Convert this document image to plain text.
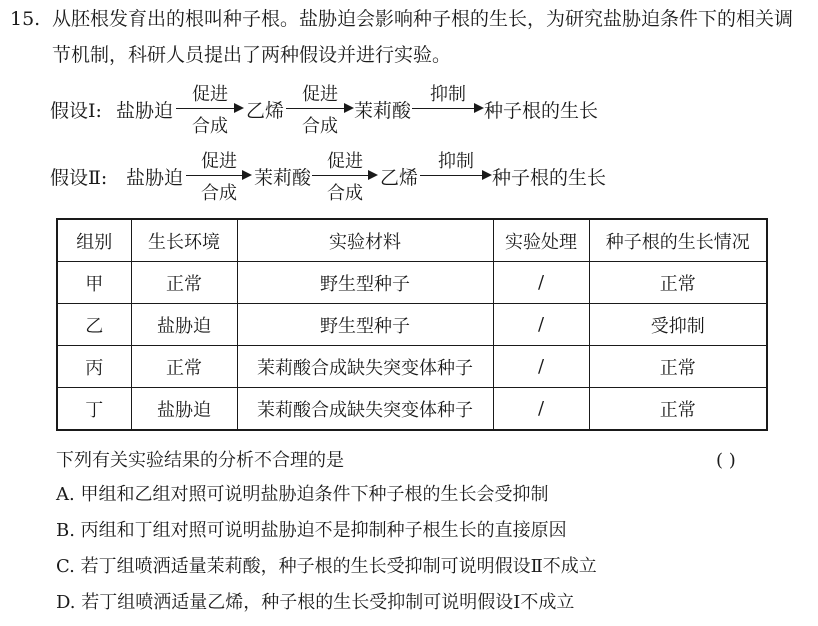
15. 从胚根发育出的根叫种子根。盐胁迫会影响种子根的生长，为研究盐胁迫条件下的相关调
节机制，科研人员提出了两种假设并进行实验。
假设Ⅰ: 盐胁迫
促进
合成
乙烯
促进
合成
茉莉酸
抑制
种子根的生长
假设Ⅱ: 盐胁迫
促进
合成
茉莉酸
促进
合成
乙烯
抑制
种子根的生长
组别	生长环境	实验材料	实验处理	种子根的生长情况
甲	正常	野生型种子	/	正常
乙	盐胁迫	野生型种子	/	受抑制
丙	正常	茉莉酸合成缺失突变体种子	/	正常
丁	盐胁迫	茉莉酸合成缺失突变体种子	/	正常
下列有关实验结果的分析不合理的是	( )
A. 甲组和乙组对照可说明盐胁迫条件下种子根的生长会受抑制
B. 丙组和丁组对照可说明盐胁迫不是抑制种子根生长的直接原因
C. 若丁组喷洒适量茉莉酸，种子根的生长受抑制可说明假设Ⅱ不成立
D. 若丁组喷洒适量乙烯，种子根的生长受抑制可说明假设Ⅰ不成立
